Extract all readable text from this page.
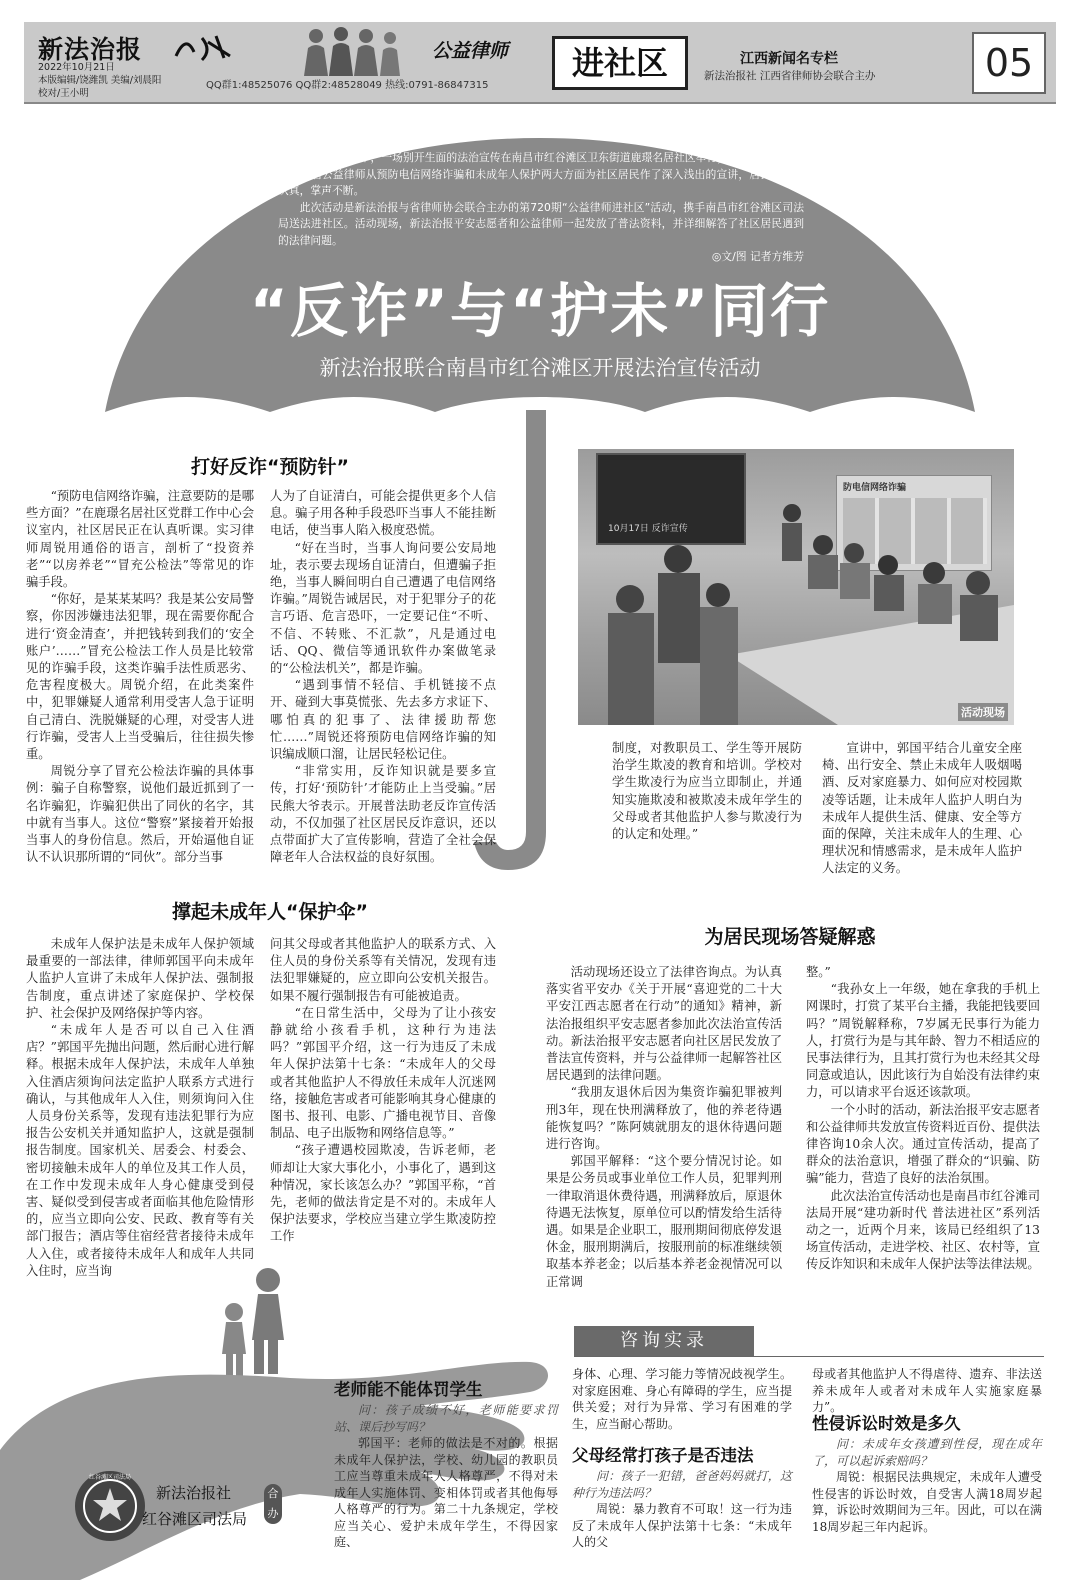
新法治报
2022年10月21日
本版编辑/饶潍凯 美编/刘晨阳
校对/王小明
QQ群1:48525076 QQ群2:48528049 热线:0791-86847315
公益律师	进社区	江西新闻名专栏
新法治报社 江西省律师协会联合主办	05

10月17日下午，一场别开生面的法治宣传在南昌市红谷滩区卫东街道鹿璟名居社区举行，江西昕论律师事务所两名公益律师从预防电信网络诈骗和未成年人保护两大方面为社区居民作了深入浅出的宣讲，居民们听得认真，掌声不断。

此次活动是新法治报与省律师协会联合主办的第720期“公益律师进社区”活动，携手南昌市红谷滩区司法局送法进社区。活动现场，新法治报平安志愿者和公益律师一起发放了普法资料，并详细解答了社区居民遇到的法律问题。

◎文/图 记者方维芳

“反诈”与“护未”同行
新法治报联合南昌市红谷滩区开展法治宣传活动
打好反诈“预防针”

“预防电信网络诈骗，注意要防的是哪些方面？”在鹿璟名居社区党群工作中心会议室内，社区居民正在认真听课。实习律师周锐用通俗的语言，剖析了“投资养老”“以房养老”“冒充公检法”等常见的诈骗手段。

“你好，是某某某吗？我是某公安局警察，你因涉嫌违法犯罪，现在需要你配合进行‘资金清查’，并把钱转到我们的‘安全账户’……”冒充公检法工作人员是比较常见的诈骗手段，这类诈骗手法性质恶劣、危害程度极大。周锐介绍，在此类案件中，犯罪嫌疑人通常利用受害人急于证明自己清白、洗脱嫌疑的心理，对受害人进行诈骗，受害人上当受骗后，往往损失惨重。

周锐分享了冒充公检法诈骗的具体事例：骗子自称警察，说他们最近抓到了一名诈骗犯，诈骗犯供出了同伙的名字，其中就有当事人。这位“警察”紧接着开始报当事人的身份信息。然后，开始逼他自证认不认识那所谓的“同伙”。部分当事

人为了自证清白，可能会提供更多个人信息。骗子用各种手段恐吓当事人不能挂断电话，使当事人陷入极度恐慌。

“好在当时，当事人询问要公安局地址，表示要去现场自证清白，但遭骗子拒绝，当事人瞬间明白自己遭遇了电信网络诈骗。”周锐告诫居民，对于犯罪分子的花言巧语、危言恐吓，一定要记住“不听、不信、不转账、不汇款”，凡是通过电话、QQ、微信等通讯软件办案做笔录的“公检法机关”，都是诈骗。

“遇到事情不轻信、手机链接不点开、碰到大事莫慌张、先去多方求证下、哪怕真的犯事了、法律援助帮您忙……”周锐还将预防电信网络诈骗的知识编成顺口溜，让居民轻松记住。

“非常实用，反诈知识就是要多宣传，打好‘预防针’才能防止上当受骗。”居民熊大爷表示。开展普法助老反诈宣传活动，不仅加强了社区居民反诈意识，还以点带面扩大了宣传影响，营造了全社会保障老年人合法权益的良好氛围。

10月17日 反诈宣传
防电信网络诈骗
活动现场

制度，对教职员工、学生等开展防治学生欺凌的教育和培训。学校对学生欺凌行为应当立即制止，并通知实施欺凌和被欺凌未成年学生的父母或者其他监护人参与欺凌行为的认定和处理。”

宣讲中，郭国平结合儿童安全座椅、出行安全、禁止未成年人吸烟喝酒、反对家庭暴力、如何应对校园欺凌等话题，让未成年人监护人明白为未成年人提供生活、健康、安全等方面的保障，关注未成年人的生理、心理状况和情感需求，是未成年人监护人法定的义务。

撑起未成年人“保护伞”

未成年人保护法是未成年人保护领域最重要的一部法律，律师郭国平向未成年人监护人宣讲了未成年人保护法、强制报告制度，重点讲述了家庭保护、学校保护、社会保护及网络保护等内容。

“未成年人是否可以自己入住酒店？”郭国平先抛出问题，然后耐心进行解释。根据未成年人保护法，未成年人单独入住酒店须询问法定监护人联系方式进行确认，与其他成年人入住，则须询问入住人员身份关系等，发现有违法犯罪行为应报告公安机关并通知监护人，这就是强制报告制度。国家机关、居委会、村委会、密切接触未成年人的单位及其工作人员，在工作中发现未成年人身心健康受到侵害、疑似受到侵害或者面临其他危险情形的，应当立即向公安、民政、教育等有关部门报告；酒店等住宿经营者接待未成年人入住，或者接待未成年人和成年人共同入住时，应当询

问其父母或者其他监护人的联系方式、入住人员的身份关系等有关情况，发现有违法犯罪嫌疑的，应立即向公安机关报告。如果不履行强制报告有可能被追责。

“在日常生活中，父母为了让小孩安静就给小孩看手机，这种行为违法吗？”郭国平介绍，这一行为违反了未成年人保护法第十七条：“未成年人的父母或者其他监护人不得放任未成年人沉迷网络，接触危害或者可能影响其身心健康的图书、报刊、电影、广播电视节目、音像制品、电子出版物和网络信息等。”

“孩子遭遇校园欺凌，告诉老师，老师却让大家大事化小，小事化了，遇到这种情况，家长该怎么办？”郭国平称，“首先，老师的做法肯定是不对的。未成年人保护法要求，学校应当建立学生欺凌防控工作

为居民现场答疑解惑

活动现场还设立了法律咨询点。为认真落实省平安办《关于开展“喜迎党的二十大 平安江西志愿者在行动”的通知》精神，新法治报组织平安志愿者参加此次法治宣传活动。新法治报平安志愿者向社区居民发放了普法宣传资料，并与公益律师一起解答社区居民遇到的法律问题。

“我朋友退休后因为集资诈骗犯罪被判刑3年，现在快刑满释放了，他的养老待遇能恢复吗？”陈阿姨就朋友的退休待遇问题进行咨询。

郭国平解释：“这个要分情况讨论。如果是公务员或事业单位工作人员，犯罪判刑一律取消退休费待遇，刑满释放后，原退休待遇无法恢复，原单位可以酌情发给生活待遇。如果是企业职工，服刑期间彻底停发退休金，服刑期满后，按服刑前的标准继续领取基本养老金；以后基本养老金视情况可以正常调

整。”

“我孙女上一年级，她在拿我的手机上网课时，打赏了某平台主播，我能把钱要回吗？”周锐解释称，7岁属无民事行为能力人，打赏行为是与其年龄、智力不相适应的民事法律行为，且其打赏行为也未经其父母同意或追认，因此该行为自始没有法律约束力，可以请求平台返还该款项。

一个小时的活动，新法治报平安志愿者和公益律师共发放宣传资料近百份、提供法律咨询10余人次。通过宣传活动，提高了群众的法治意识，增强了群众的“识骗、防骗”能力，营造了良好的法治氛围。

此次法治宣传活动也是南昌市红谷滩司法局开展“建功新时代 普法进社区”系列活动之一，近两个月来，该局已经组织了13场宣传活动，走进学校、社区、农村等，宣传反诈知识和未成年人保护法等法律法规。

红谷滩区司法局
新法治报社
红谷滩区司法局
合办
咨询实录
老师能不能体罚学生

问：孩子成绩不好，老师能要求罚站、课后抄写吗？

郭国平：老师的做法是不对的。根据未成年人保护法，学校、幼儿园的教职员工应当尊重未成年人人格尊严，不得对未成年人实施体罚、变相体罚或者其他侮辱人格尊严的行为。第二十九条规定，学校应当关心、爱护未成年学生，不得因家庭、

身体、心理、学习能力等情况歧视学生。对家庭困难、身心有障碍的学生，应当提供关爱；对行为异常、学习有困难的学生，应当耐心帮助。

父母经常打孩子是否违法

问：孩子一犯错，爸爸妈妈就打，这种行为违法吗？

周锐：暴力教育不可取！这一行为违反了未成年人保护法第十七条：“未成年人的父

母或者其他监护人不得虐待、遗弃、非法送养未成年人或者对未成年人实施家庭暴力”。

性侵诉讼时效是多久

问：未成年女孩遭到性侵，现在成年了，可以起诉索赔吗？

周锐：根据民法典规定，未成年人遭受性侵害的诉讼时效，自受害人满18周岁起算，诉讼时效期间为三年。因此，可以在满18周岁起三年内起诉。
